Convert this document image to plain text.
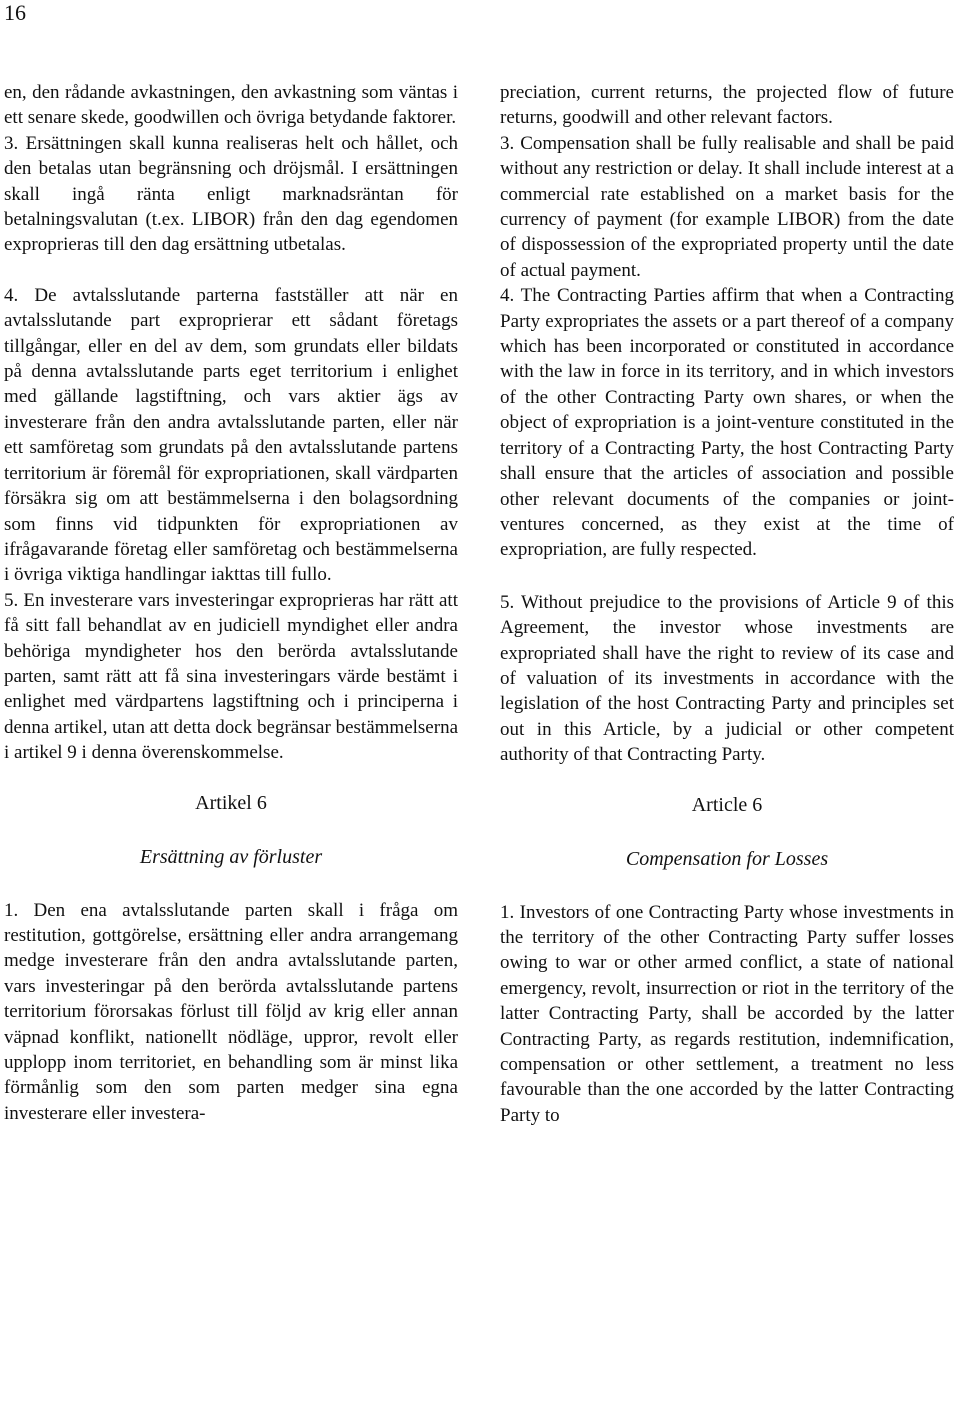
16

en, den rådande avkastningen, den avkastning som väntas i ett senare skede, goodwillen och övriga betydande faktorer.

3. Ersättningen skall kunna realiseras helt och hållet, och den betalas utan begränsning och dröjsmål. I ersättningen skall ingå ränta enligt marknadsräntan för betalningsvalutan (t.ex. LIBOR) från den dag egendomen exproprieras till den dag ersättning utbetalas.

4. De avtalsslutande parterna fastställer att när en avtalsslutande part exproprierar ett sådant företags tillgångar, eller en del av dem, som grundats eller bildats på denna avtalsslutande parts eget territorium i enlighet med gällande lagstiftning, och vars aktier ägs av investerare från den andra avtalsslutande parten, eller när ett samföretag som grundats på den avtalsslutande partens territorium är föremål för expropriationen, skall värdparten försäkra sig om att bestämmelserna i den bolagsordning som finns vid tidpunkten för expropriationen av ifrågavarande företag eller samföretag och bestämmelserna i övriga viktiga handlingar iakttas till fullo.

5. En investerare vars investeringar exproprieras har rätt att få sitt fall behandlat av en judiciell myndighet eller andra behöriga myndigheter hos den berörda avtalsslutande parten, samt rätt att få sina investeringars värde bestämt i enlighet med värdpartens lagstiftning och i principerna i denna artikel, utan att detta dock begränsar bestämmelserna i artikel 9 i denna överenskommelse.

Artikel 6

Ersättning av förluster

1. Den ena avtalsslutande parten skall i fråga om restitution, gottgörelse, ersättning eller andra arrangemang medge investerare från den andra avtalsslutande parten, vars investeringar på den berörda avtalsslutande partens territorium förorsakas förlust till följd av krig eller annan väpnad konflikt, nationellt nödläge, uppror, revolt eller upplopp inom territoriet, en behandling som är minst lika förmånlig som den som parten medger sina egna investerare eller investera-

preciation, current returns, the projected flow of future returns, goodwill and other relevant factors.

3. Compensation shall be fully realisable and shall be paid without any restriction or delay. It shall include interest at a commercial rate established on a market basis for the currency of payment (for example LIBOR) from the date of dispossession of the expropriated property until the date of actual payment.

4. The Contracting Parties affirm that when a Contracting Party expropriates the assets or a part thereof of a company which has been incorporated or constituted in accordance with the law in force in its territory, and in which investors of the other Contracting Party own shares, or when the object of expropriation is a joint-venture constituted in the territory of a Contracting Party, the host Contracting Party shall ensure that the articles of association and possible other relevant documents of the companies or joint-ventures concerned, as they exist at the time of expropriation, are fully respected.

5. Without prejudice to the provisions of Article 9 of this Agreement, the investor whose investments are expropriated shall have the right to review of its case and of valuation of its investments in accordance with the legislation of the host Contracting Party and principles set out in this Article, by a judicial or other competent authority of that Contracting Party.

Article 6

Compensation for Losses

1. Investors of one Contracting Party whose investments in the territory of the other Contracting Party suffer losses owing to war or other armed conflict, a state of national emergency, revolt, insurrection or riot in the territory of the latter Contracting Party, shall be accorded by the latter Contracting Party, as regards restitution, indemnification, compensation or other settlement, a treatment no less favourable than the one accorded by the latter Contracting Party to
